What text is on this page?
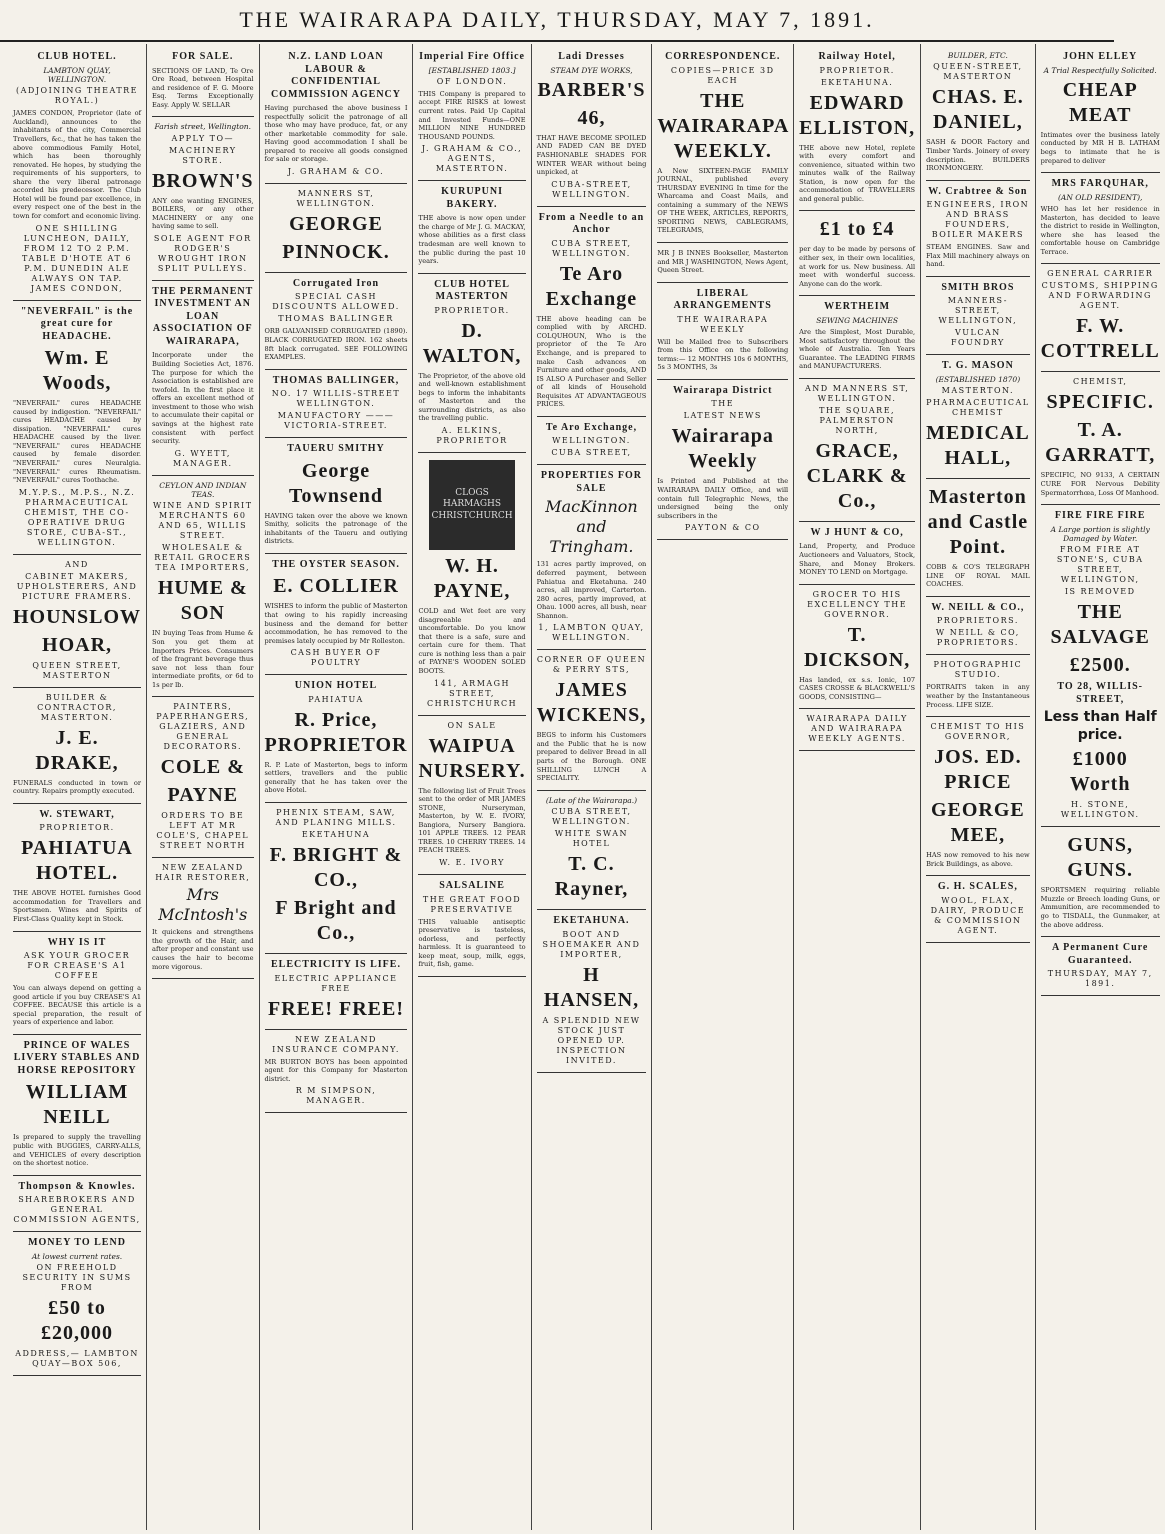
THE WAIRARAPA DAILY, THURSDAY, MAY 7, 1891.
CLUB HOTEL.
LAMBTON QUAY, WELLINGTON.
(ADJOINING THEATRE ROYAL.)
JAMES CONDON, Proprietor (late of Auckland), announces to the inhabitants of the city, Commercial Travellers, &c., that he has taken the above commodious Family Hotel, which has been thoroughly renovated. He hopes, by studying the requirements of his supporters, to share the very liberal patronage accorded his predecessor. The Club Hotel will be found par excellence, in every respect one of the best in the town for comfort and economic living.
ONE SHILLING LUNCHEON, DAILY, FROM 12 TO 2 P.M. TABLE D'HOTE AT 6 P.M. DUNEDIN ALE ALWAYS ON TAP. JAMES CONDON,
"NEVERFAIL" is the great cure for HEADACHE.
Wm. E Woods,
"NEVERFAIL" cures HEADACHE caused by indigestion. "NEVERFAIL" cures HEADACHE caused by dissipation. "NEVERFAIL" cures HEADACHE caused by the liver. "NEVERFAIL" cures HEADACHE caused by female disorder. "NEVERFAIL" cures Neuralgia. "NEVERFAIL" cures Rheumatism. "NEVERFAIL" cures Toothache.
M.Y.P.S., M.P.S., N.Z. PHARMACEUTICAL CHEMIST, THE CO-OPERATIVE DRUG STORE, CUBA-ST., WELLINGTON.
AND
CABINET MAKERS, UPHOLSTERERS, AND PICTURE FRAMERS.
HOUNSLOW
HOAR,
QUEEN STREET, MASTERTON
BUILDER & CONTRACTOR, MASTERTON.
J. E. DRAKE,
FUNERALS conducted in town or country. Repairs promptly executed.
W. STEWART,
PROPRIETOR.
PAHIATUA HOTEL.
THE ABOVE HOTEL furnishes Good accommodation for Travellers and Sportsmen. Wines and Spirits of First-Class Quality kept in Stock.
WHY IS IT
ASK YOUR GROCER FOR CREASE'S A1 COFFEE
You can always depend on getting a good article if you buy CREASE'S A1 COFFEE. BECAUSE this article is a special preparation, the result of years of experience and labor.
PRINCE OF WALES LIVERY STABLES AND HORSE REPOSITORY
WILLIAM NEILL
Is prepared to supply the travelling public with BUGGIES, CARRY-ALLS, and VEHICLES of every description on the shortest notice.
Thompson & Knowles.
SHAREBROKERS AND GENERAL COMMISSION AGENTS,
MONEY TO LEND
At lowest current rates.
ON FREEHOLD SECURITY IN SUMS FROM
£50 to £20,000
ADDRESS,— LAMBTON QUAY—BOX 506,
FOR SALE.
SECTIONS OF LAND, Te Ore Ore Road, between Hospital and residence of F. G. Moore Esq. Terms Exceptionally Easy. Apply W. SELLAR
Farish street, Wellington.
APPLY TO—
MACHINERY STORE.
BROWN'S
ANY one wanting ENGINES, BOILERS, or any other MACHINERY or any one having same to sell.
SOLE AGENT FOR RODGER'S WROUGHT IRON SPLIT PULLEYS.
THE PERMANENT INVESTMENT AN LOAN ASSOCIATION OF WAIRARAPA,
Incorporate under the Building Societies Act, 1876. The purpose for which the Association is established are twofold. In the first place it offers an excellent method of investment to those who wish to accumulate their capital or savings at the highest rate consistent with perfect security.
G. WYETT, MANAGER.
CEYLON AND INDIAN TEAS.
WINE AND SPIRIT MERCHANTS 60 AND 65, WILLIS STREET.
WHOLESALE & RETAIL GROCERS TEA IMPORTERS,
HUME & SON
IN buying Teas from Hume & Son you get them at Importers Prices. Consumers of the fragrant beverage thus save not less than four intermediate profits, or 6d to 1s per lb.
PAINTERS, PAPERHANGERS, GLAZIERS, AND GENERAL DECORATORS.
COLE &
PAYNE
ORDERS TO BE LEFT AT MR COLE'S, CHAPEL STREET NORTH
NEW ZEALAND HAIR RESTORER,
Mrs McIntosh's
It quickens and strengthens the growth of the Hair, and after proper and constant use causes the hair to become more vigorous.
N.Z. LAND LOAN LABOUR & CONFIDENTIAL COMMISSION AGENCY
Having purchased the above business I respectfully solicit the patronage of all those who may have produce, fat, or any other marketable commodity for sale. Having good accommodation I shall be prepared to receive all goods consigned for sale or storage.
J. GRAHAM & CO.
MANNERS ST, WELLINGTON.
GEORGE
PINNOCK.
Corrugated Iron
SPECIAL CASH DISCOUNTS ALLOWED.
THOMAS BALLINGER
ORB GALVANISED CORRUGATED (1890). BLACK CORRUGATED IRON. 162 sheets 8ft black corrugated. SEE FOLLOWING EXAMPLES.
THOMAS BALLINGER,
NO. 17 WILLIS-STREET WELLINGTON.
MANUFACTORY ——— VICTORIA-STREET.
TAUERU SMITHY
George Townsend
HAVING taken over the above we known Smithy, solicits the patronage of the inhabitants of the Taueru and outlying districts.
THE OYSTER SEASON.
E. COLLIER
WISHES to inform the public of Masterton that owing to his rapidly increasing business and the demand for better accommodation, he has removed to the premises lately occupied by Mr Rolleston.
CASH BUYER OF POULTRY
UNION HOTEL
PAHIATUA
R. Price, PROPRIETOR
R. P. Late of Masterton, begs to inform settlers, travellers and the public generally that he has taken over the above Hotel.
PHENIX STEAM, SAW, AND PLANING MILLS.
EKETAHUNA
F. BRIGHT & CO.,
F Bright and Co.,
ELECTRICITY IS LIFE.
ELECTRIC APPLIANCE FREE
FREE! FREE!
NEW ZEALAND INSURANCE COMPANY.
MR BURTON BOYS has been appointed agent for this Company for Masterton district.
R M SIMPSON, MANAGER.
Imperial Fire Office
[ESTABLISHED 1803.]
OF LONDON.
THIS Company is prepared to accept FIRE RISKS at lowest current rates. Paid Up Capital and Invested Funds—ONE MILLION NINE HUNDRED THOUSAND POUNDS.
J. GRAHAM & CO., AGENTS, MASTERTON.
KURUPUNI BAKERY.
THE above is now open under the charge of Mr J. G. MACKAY, whose abilities as a first class tradesman are well known to the public during the past 10 years.
CLUB HOTEL MASTERTON
PROPRIETOR.
D. WALTON,
The Proprietor, of the above old and well-known establishment begs to inform the inhabitants of Masterton and the surrounding districts, as also the travelling public.
A. ELKINS, PROPRIETOR
CLOGS HARMAGHS CHRISTCHURCH
W. H. PAYNE,
COLD and Wet feet are very disagreeable and uncomfortable. Do you know that there is a safe, sure and certain cure for them. That cure is nothing less than a pair of PAYNE'S WOODEN SOLED BOOTS.
141, ARMAGH STREET, CHRISTCHURCH
ON SALE
WAIPUA NURSERY.
The following list of Fruit Trees sent to the order of MR JAMES STONE, Nurseryman, Masterton, by W. E. IVORY, Bangiora, Nursery Bangiora. 101 APPLE TREES. 12 PEAR TREES. 10 CHERRY TREES. 14 PEACH TREES.
W. E. IVORY
SALSALINE
THE GREAT FOOD PRESERVATIVE
THIS valuable antiseptic preservative is tasteless, odorless, and perfectly harmless. It is guaranteed to keep meat, soup, milk, eggs, fruit, fish, game.
Ladi Dresses
STEAM DYE WORKS,
BARBER'S
46,
THAT HAVE BECOME SPOILED AND FADED CAN BE DYED FASHIONABLE SHADES FOR WINTER WEAR without being unpicked, at
CUBA-STREET, WELLINGTON.
From a Needle to an Anchor
CUBA STREET, WELLINGTON.
Te Aro Exchange
THE above heading can be complied with by ARCHD. COLQUHOUN, Who is the proprietor of the Te Aro Exchange, and is prepared to make Cash advances on Furniture and other goods, AND IS ALSO A Purchaser and Seller of all kinds of Household Requisites AT ADVANTAGEOUS PRICES.
Te Aro Exchange,
WELLINGTON.
CUBA STREET,
PROPERTIES FOR SALE
MacKinnon and Tringham.
131 acres partly improved, on deferred payment, between Pahiatua and Eketahuna. 240 acres, all improved, Carterton. 280 acres, partly improved, at Ohau. 1000 acres, all bush, near Shannon.
1, LAMBTON QUAY, WELLINGTON.
CORNER OF QUEEN & PERRY STS,
JAMES WICKENS,
BEGS to inform his Customers and the Public that he is now prepared to deliver Bread in all parts of the Borough. ONE SHILLING LUNCH A SPECIALITY.
(Late of the Wairarapa.)
CUBA STREET, WELLINGTON.
WHITE SWAN HOTEL
T. C. Rayner,
EKETAHUNA.
BOOT AND SHOEMAKER AND IMPORTER,
H HANSEN,
A SPLENDID NEW STOCK JUST OPENED UP. INSPECTION INVITED.
CORRESPONDENCE.
COPIES—PRICE 3D EACH
THE WAIRARAPA WEEKLY.
A New SIXTEEN-PAGE FAMILY JOURNAL, published every THURSDAY EVENING In time for the Wharcama and Coast Mails, and containing a summary of the NEWS OF THE WEEK, ARTICLES, REPORTS, SPORTING NEWS, CABLEGRAMS, TELEGRAMS,
MR J B INNES Bookseller, Masterton and MR J WASHINGTON, News Agent, Queen Street.
LIBERAL ARRANGEMENTS
THE WAIRARAPA WEEKLY
Will be Mailed free to Subscribers from this Office on the following terms:— 12 MONTHS 10s 6 MONTHS, 5s 3 MONTHS, 3s
Wairarapa District
THE
LATEST NEWS
Wairarapa Weekly
Is Printed and Published at the WAIRARAPA DAILY Office, and will contain full Telegraphic News, the undersigned being the only subscribers in the
PAYTON & CO
Railway Hotel,
PROPRIETOR.
EKETAHUNA.
EDWARD ELLISTON,
THE above new Hotel, replete with every comfort and convenience, situated within two minutes walk of the Railway Station, is now open for the accommodation of TRAVELLERS and general public.
£1 to £4
per day to be made by persons of either sex, in their own localities, at work for us. New business. All meet with wonderful success. Anyone can do the work.
WERTHEIM
SEWING MACHINES
Are the Simplest, Most Durable, Most satisfactory throughout the whole of Australia. Ten Years Guarantee. The LEADING FIRMS and MANUFACTURERS.
AND MANNERS ST, WELLINGTON.
THE SQUARE, PALMERSTON NORTH,
GRACE, CLARK & Co.,
W J HUNT & CO,
Land, Property, and Produce Auctioneers and Valuators, Stock, Share, and Money Brokers. MONEY TO LEND on Mortgage.
GROCER TO HIS EXCELLENCY THE GOVERNOR.
T. DICKSON,
Has landed, ex s.s. Ionic, 107 CASES CROSSE & BLACKWELL'S GOODS, CONSISTING—
WAIRARAPA DAILY AND WAIRARAPA WEEKLY AGENTS.
BUILDER, ETC.
QUEEN-STREET, MASTERTON
CHAS. E. DANIEL,
SASH & DOOR Factory and Timber Yards. Joinery of every description. BUILDERS IRONMONGERY.
W. Crabtree & Son
ENGINEERS, IRON AND BRASS FOUNDERS, BOILER MAKERS
STEAM ENGINES. Saw and Flax Mill machinery always on hand.
SMITH BROS
MANNERS-STREET, WELLINGTON,
VULCAN FOUNDRY
T. G. MASON
(ESTABLISHED 1870)
MASTERTON.
PHARMACEUTICAL CHEMIST
MEDICAL HALL,
Masterton and Castle Point.
COBB & CO'S TELEGRAPH LINE OF ROYAL MAIL COACHES.
W. NEILL & CO.,
PROPRIETORS.
W NEILL & CO, PROPRIETORS.
PHOTOGRAPHIC STUDIO.
PORTRAITS taken in any weather by the Instantaneous Process. LIFE SIZE.
CHEMIST TO HIS GOVERNOR,
JOS. ED. PRICE
GEORGE MEE,
HAS now removed to his new Brick Buildings, as above.
G. H. SCALES,
WOOL, FLAX, DAIRY, PRODUCE & COMMISSION AGENT.
JOHN ELLEY
A Trial Respectfully Solicited.
CHEAP MEAT
Intimates over the business lately conducted by MR H B. LATHAM begs to intimate that he is prepared to deliver
MRS FARQUHAR,
(AN OLD RESIDENT),
WHO has let her residence in Masterton, has decided to leave the district to reside in Wellington, where she has leased the comfortable house on Cambridge Terrace.
GENERAL CARRIER
CUSTOMS, SHIPPING AND FORWARDING AGENT.
F. W. COTTRELL
CHEMIST,
SPECIFIC.
T. A. GARRATT,
SPECIFIC, NO 9133, A CERTAIN CURE FOR Nervous Debility Spermatorrhœa, Loss Of Manhood.
FIRE FIRE FIRE
A Large portion is slightly Damaged by Water.
FROM FIRE AT STONE'S, CUBA STREET, WELLINGTON,
IS REMOVED
THE SALVAGE
£2500.
TO 28, WILLIS-STREET,
Less than Half price.
£1000 Worth
H. STONE, WELLINGTON.
GUNS, GUNS.
SPORTSMEN requiring reliable Muzzle or Breech loading Guns, or Ammunition, are recommended to go to TISDALL, the Gunmaker, at the above address.
A Permanent Cure Guaranteed.
THURSDAY, MAY 7, 1891.
